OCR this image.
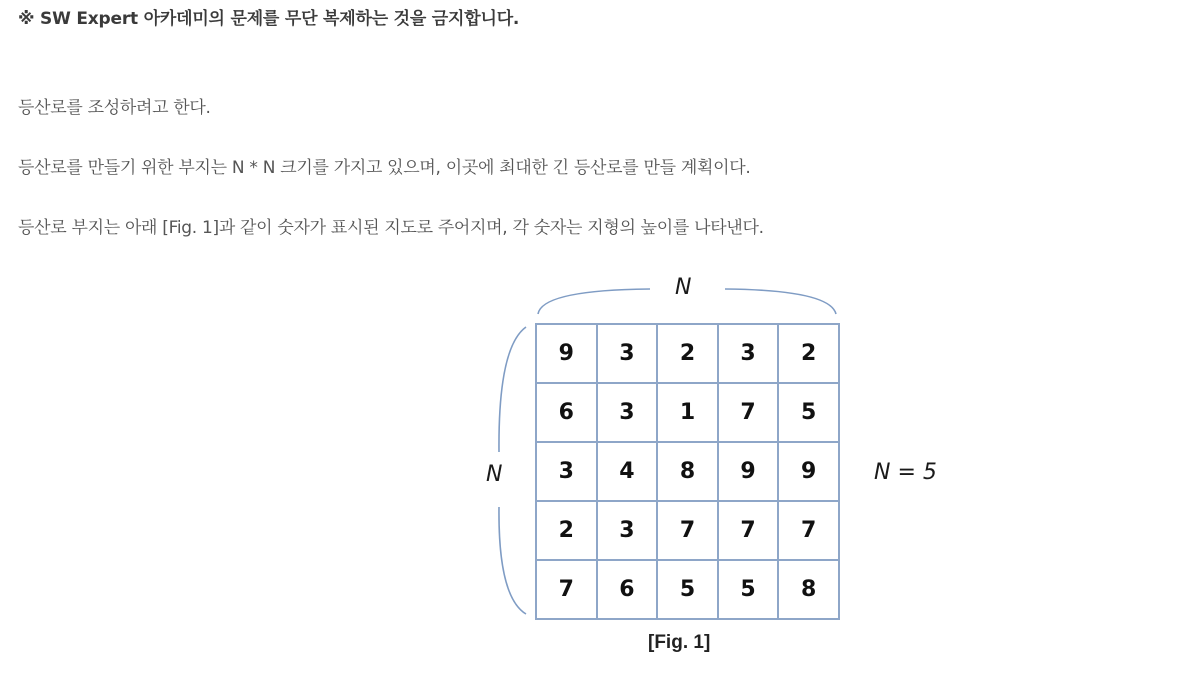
※ SW Expert 아카데미의 문제를 무단 복제하는 것을 금지합니다.
등산로를 조성하려고 한다.
등산로를 만들기 위한 부지는 N * N 크기를 가지고 있으며, 이곳에 최대한 긴 등산로를 만들 계획이다.
등산로 부지는 아래 [Fig. 1]과 같이 숫자가 표시된 지도로 주어지며, 각 숫자는 지형의 높이를 나타낸다.
N
N	N = 5
9	3	2	3	2
6	3	1	7	5
3	4	8	9	9
2	3	7	7	7
7	6	5	5	8
[Fig. 1]
